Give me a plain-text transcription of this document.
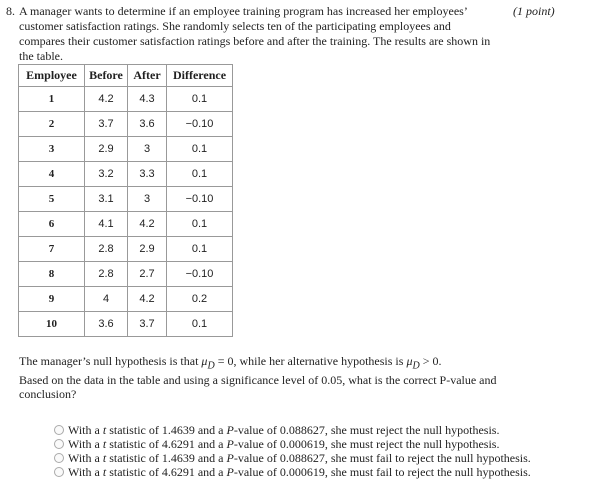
8.	(1 point)
A manager wants to determine if an employee training program has increased her employees’ customer satisfaction ratings. She randomly selects ten of the participating employees and compares their customer satisfaction ratings before and after the training. The results are shown in the table.
Employee	Before	After	Difference
1	4.2	4.3	0.1
2	3.7	3.6	−0.10
3	2.9	3	0.1
4	3.2	3.3	0.1
5	3.1	3	−0.10
6	4.1	4.2	0.1
7	2.8	2.9	0.1
8	2.8	2.7	−0.10
9	4	4.2	0.2
10	3.6	3.7	0.1
The manager’s null hypothesis is that $\mu_D = 0$, while her alternative hypothesis is $\mu_D > 0$.
Based on the data in the table and using a significance level of 0.05, what is the correct P-value and conclusion?
With a t statistic of 1.4639 and a P-value of 0.088627, she must reject the null hypothesis.
With a t statistic of 4.6291 and a P-value of 0.000619, she must reject the null hypothesis.
With a t statistic of 1.4639 and a P-value of 0.088627, she must fail to reject the null hypothesis.
With a t statistic of 4.6291 and a P-value of 0.000619, she must fail to reject the null hypothesis.
